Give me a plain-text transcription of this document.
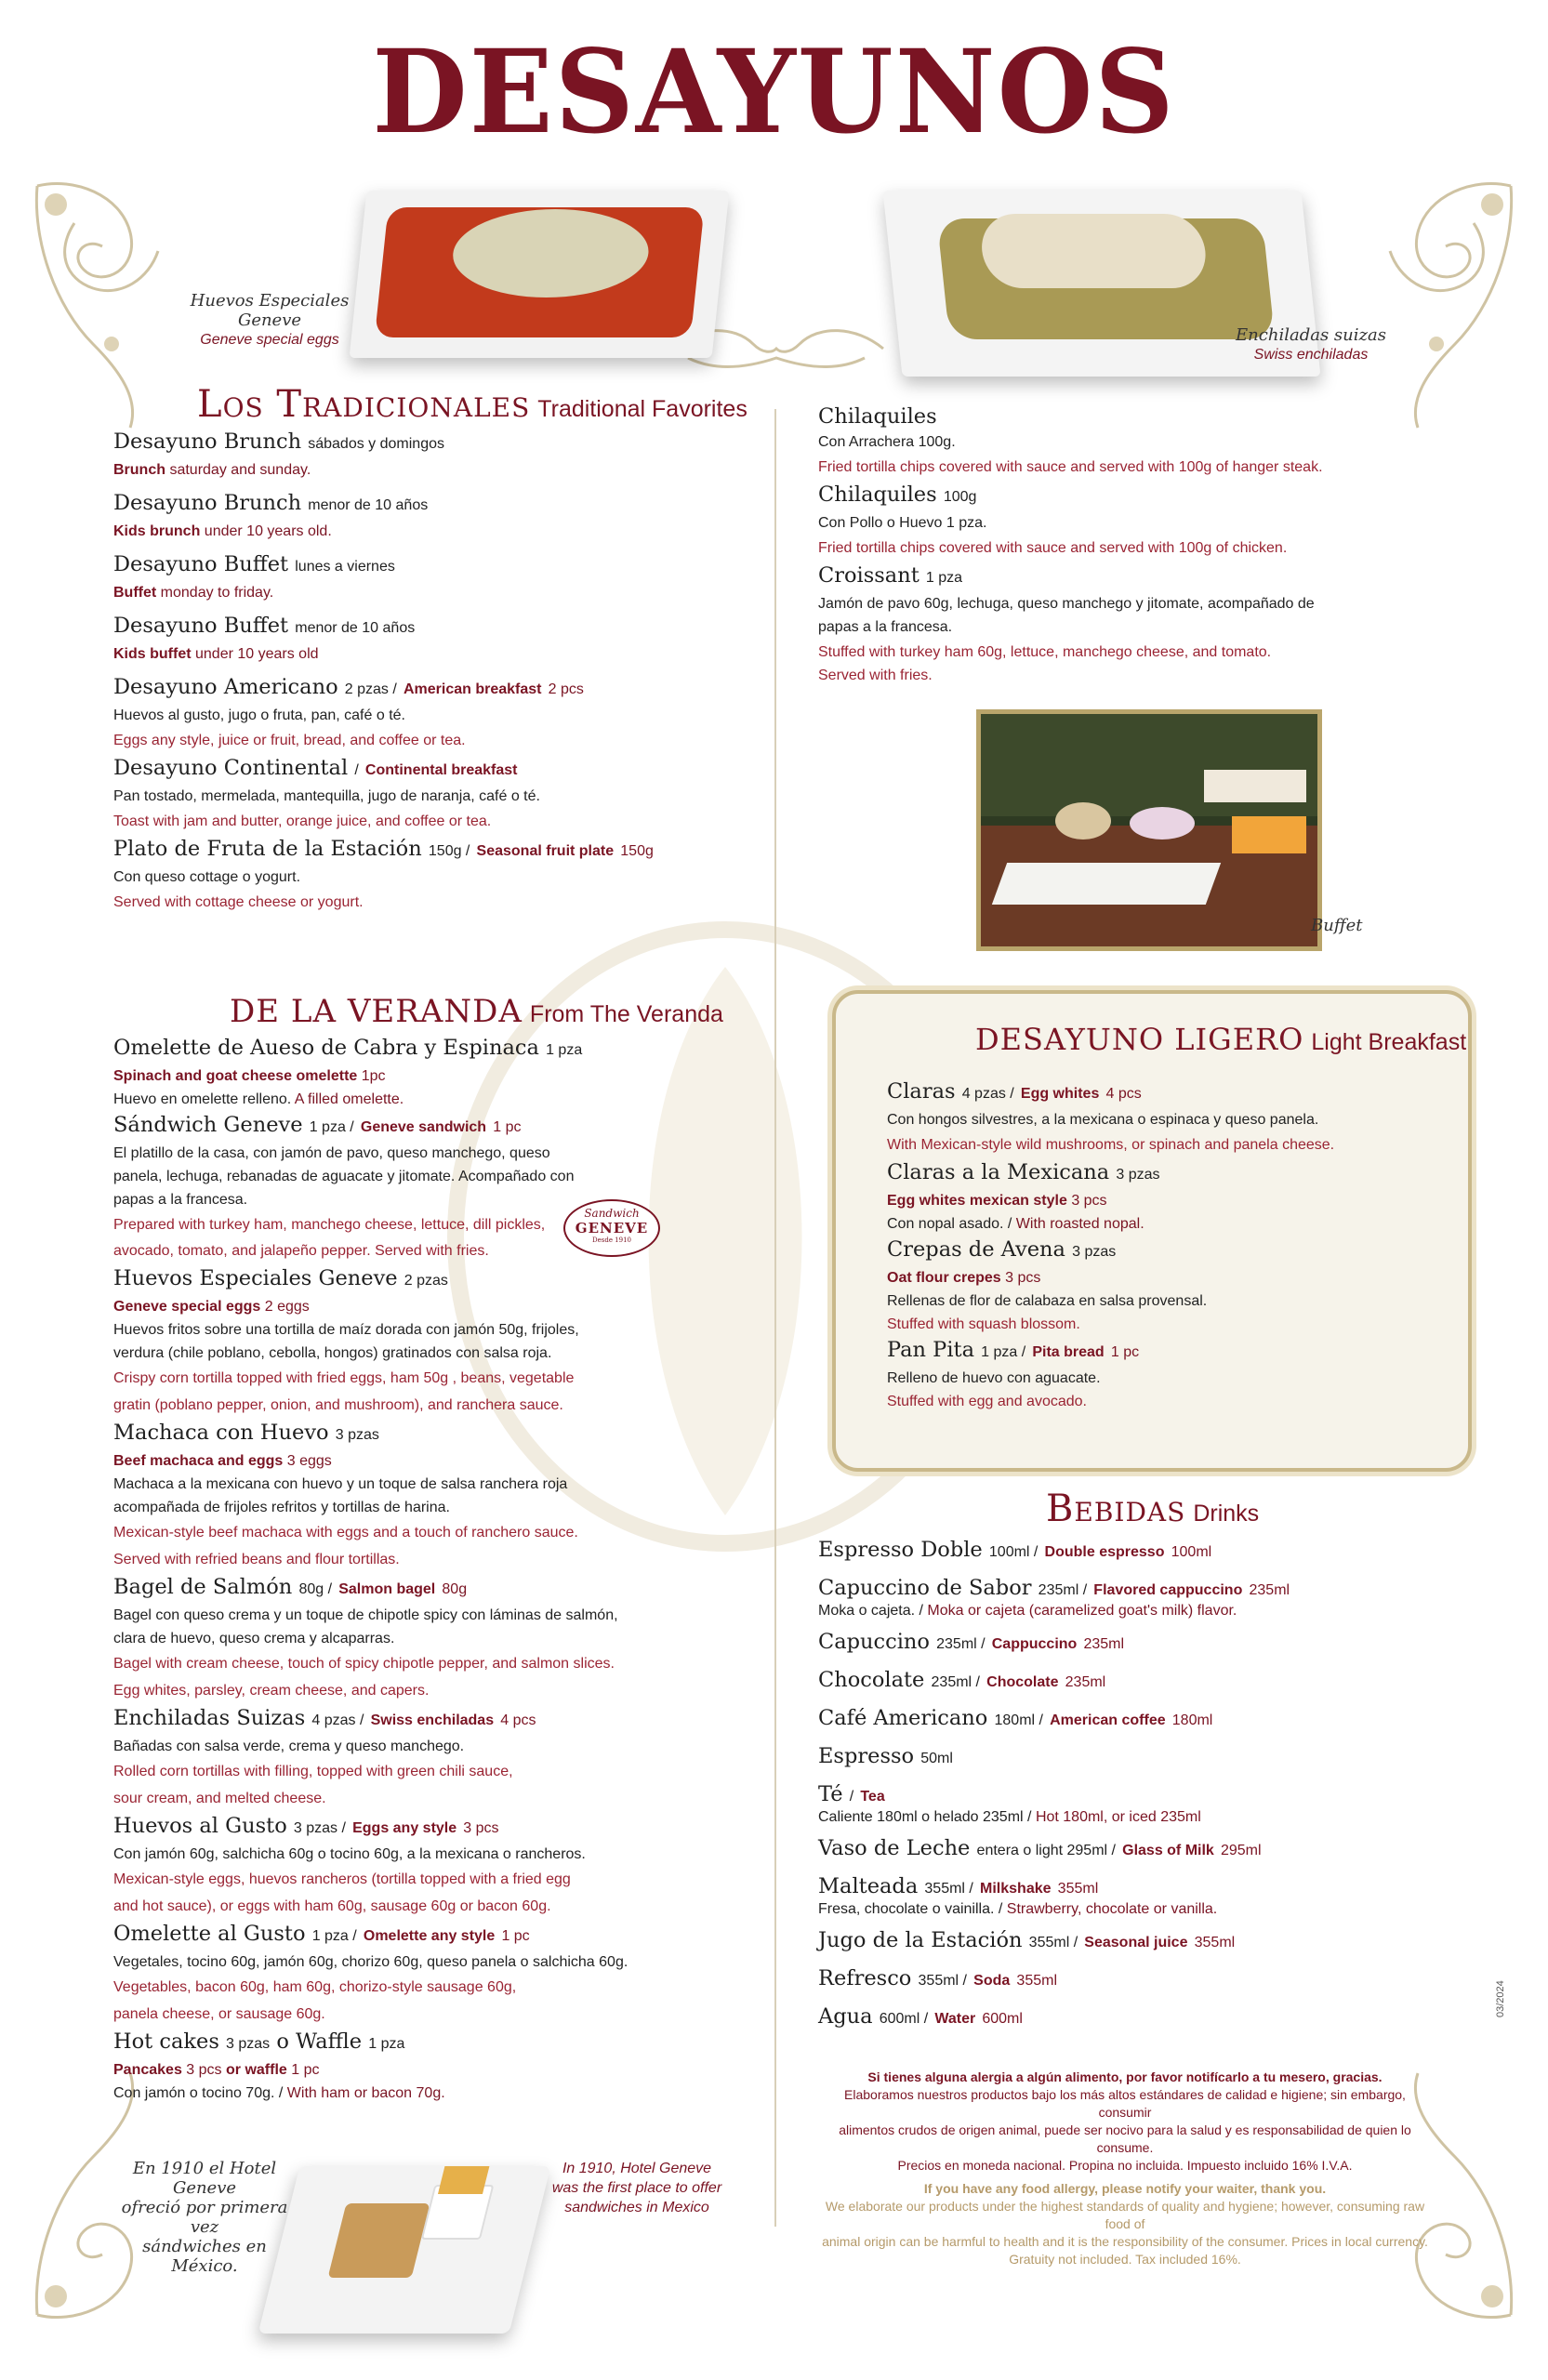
DESAYUNOS
Huevos Especiales Geneve
Geneve special eggs	Enchiladas suizas
Swiss enchiladas
Los Tradicionales Traditional Favorites
Desayuno Brunch sábados y domingos
Brunch saturday and sunday.
Desayuno Brunch menor de 10 años
Kids brunch under 10 years old.
Desayuno Buffet lunes a viernes
Buffet monday to friday.
Desayuno Buffet menor de 10 años
Kids buffet under 10 years old
Desayuno Americano 2 pzas / American breakfast 2 pcs
Huevos al gusto, jugo o fruta, pan, café o té.
Eggs any style, juice or fruit, bread, and coffee or tea.
Desayuno Continental / Continental breakfast
Pan tostado, mermelada, mantequilla, jugo de naranja, café o té.
Toast with jam and butter, orange juice, and coffee or tea.
Plato de Fruta de la Estación 150g / Seasonal fruit plate 150g
Con queso cottage o yogurt.
Served with cottage cheese or yogurt.
Chilaquiles
Con Arrachera 100g.
Fried tortilla chips covered with sauce and served with 100g of hanger steak.
Chilaquiles 100g
Con Pollo o Huevo 1 pza.
Fried tortilla chips covered with sauce and served with 100g of chicken.
Croissant 1 pza
Jamón de pavo 60g, lechuga, queso manchego y jitomate, acompañado de
papas a la francesa.
Stuffed with turkey ham 60g, lettuce, manchego cheese, and tomato.
Served with fries.
Buffet
DE LA VERANDA From The Veranda
Omelette de Aueso de Cabra y Espinaca 1 pza
Spinach and goat cheese omelette 1pc
Huevo en omelette relleno. A filled omelette.
Sándwich Geneve 1 pza / Geneve sandwich 1 pc
El platillo de la casa, con jamón de pavo, queso manchego, queso
panela, lechuga, rebanadas de aguacate y jitomate. Acompañado con
papas a la francesa.
Prepared with turkey ham, manchego cheese, lettuce, dill pickles,
avocado, tomato, and jalapeño pepper. Served with fries.
Huevos Especiales Geneve 2 pzas
Geneve special eggs 2 eggs
Huevos fritos sobre una tortilla de maíz dorada con jamón 50g, frijoles,
verdura (chile poblano, cebolla, hongos) gratinados con salsa roja.
Crispy corn tortilla topped with fried eggs, ham 50g , beans, vegetable
gratin (poblano pepper, onion, and mushroom), and ranchera sauce.
Machaca con Huevo 3 pzas
Beef machaca and eggs 3 eggs
Machaca a la mexicana con huevo y un toque de salsa ranchera roja
acompañada de frijoles refritos y tortillas de harina.
Mexican-style beef machaca with eggs and a touch of ranchero sauce.
Served with refried beans and flour tortillas.
Bagel de Salmón 80g / Salmon bagel 80g
Bagel con queso crema y un toque de chipotle spicy con láminas de salmón,
clara de huevo, queso crema y alcaparras.
Bagel with cream cheese, touch of spicy chipotle pepper, and salmon slices.
Egg whites, parsley, cream cheese, and capers.
Enchiladas Suizas 4 pzas / Swiss enchiladas 4 pcs
Bañadas con salsa verde, crema y queso manchego.
Rolled corn tortillas with filling, topped with green chili sauce,
sour cream, and melted cheese.
Huevos al Gusto 3 pzas / Eggs any style 3 pcs
Con jamón 60g, salchicha 60g o tocino 60g, a la mexicana o rancheros.
Mexican-style eggs, huevos rancheros (tortilla topped with a fried egg
and hot sauce), or eggs with ham 60g, sausage 60g or bacon 60g.
Omelette al Gusto 1 pza / Omelette any style 1 pc
Vegetales, tocino 60g, jamón 60g, chorizo 60g, queso panela o salchicha 60g.
Vegetables, bacon 60g, ham 60g, chorizo-style sausage 60g,
panela cheese, or sausage 60g.
Hot cakes 3 pzas o Waffle 1 pza
Pancakes 3 pcs or waffle 1 pc
Con jamón o tocino 70g. / With ham or bacon 70g.
Sandwich
GENEVE
Desde 1910
DESAYUNO LIGERO Light Breakfast
Claras 4 pzas / Egg whites 4 pcs
Con hongos silvestres, a la mexicana o espinaca y queso panela.
With Mexican-style wild mushrooms, or spinach and panela cheese.
Claras a la Mexicana 3 pzas
Egg whites mexican style 3 pcs
Con nopal asado. / With roasted nopal.
Crepas de Avena 3 pzas
Oat flour crepes 3 pcs
Rellenas de flor de calabaza en salsa provensal.
Stuffed with squash blossom.
Pan Pita 1 pza / Pita bread 1 pc
Relleno de huevo con aguacate.
Stuffed with egg and avocado.
Bebidas Drinks
Espresso Doble 100ml / Double espresso 100ml
Capuccino de Sabor 235ml / Flavored cappuccino 235ml
Moka o cajeta. / Moka or cajeta (caramelized goat's milk) flavor.
Capuccino 235ml / Cappuccino 235ml
Chocolate 235ml / Chocolate 235ml
Café Americano 180ml / American coffee 180ml
Espresso 50ml
Té / Tea
Caliente 180ml o helado 235ml / Hot 180ml, or iced 235ml
Vaso de Leche entera o light 295ml / Glass of Milk 295ml
Malteada 355ml / Milkshake 355ml
Fresa, chocolate o vainilla. / Strawberry, chocolate or vanilla.
Jugo de la Estación 355ml / Seasonal juice 355ml
Refresco 355ml / Soda 355ml
Agua 600ml / Water 600ml
Si tienes alguna alergia a algún alimento, por favor notifícarlo a tu mesero, gracias.
Elaboramos nuestros productos bajo los más altos estándares de calidad e higiene; sin embargo, consumir
alimentos crudos de origen animal, puede ser nocivo para la salud y es responsabilidad de quien lo consume.
Precios en moneda nacional. Propina no incluida. Impuesto incluido 16% I.V.A.
If you have any food allergy, please notify your waiter, thank you.
We elaborate our products under the highest standards of quality and hygiene; however, consuming raw food of
animal origin can be harmful to health and it is the responsibility of the consumer. Prices in local currency.
Gratuity not included. Tax included 16%.
03/2024
En 1910 el Hotel Geneve
ofreció por primera vez
sándwiches en México.
In 1910, Hotel Geneve
was the first place to offer
sandwiches in Mexico
